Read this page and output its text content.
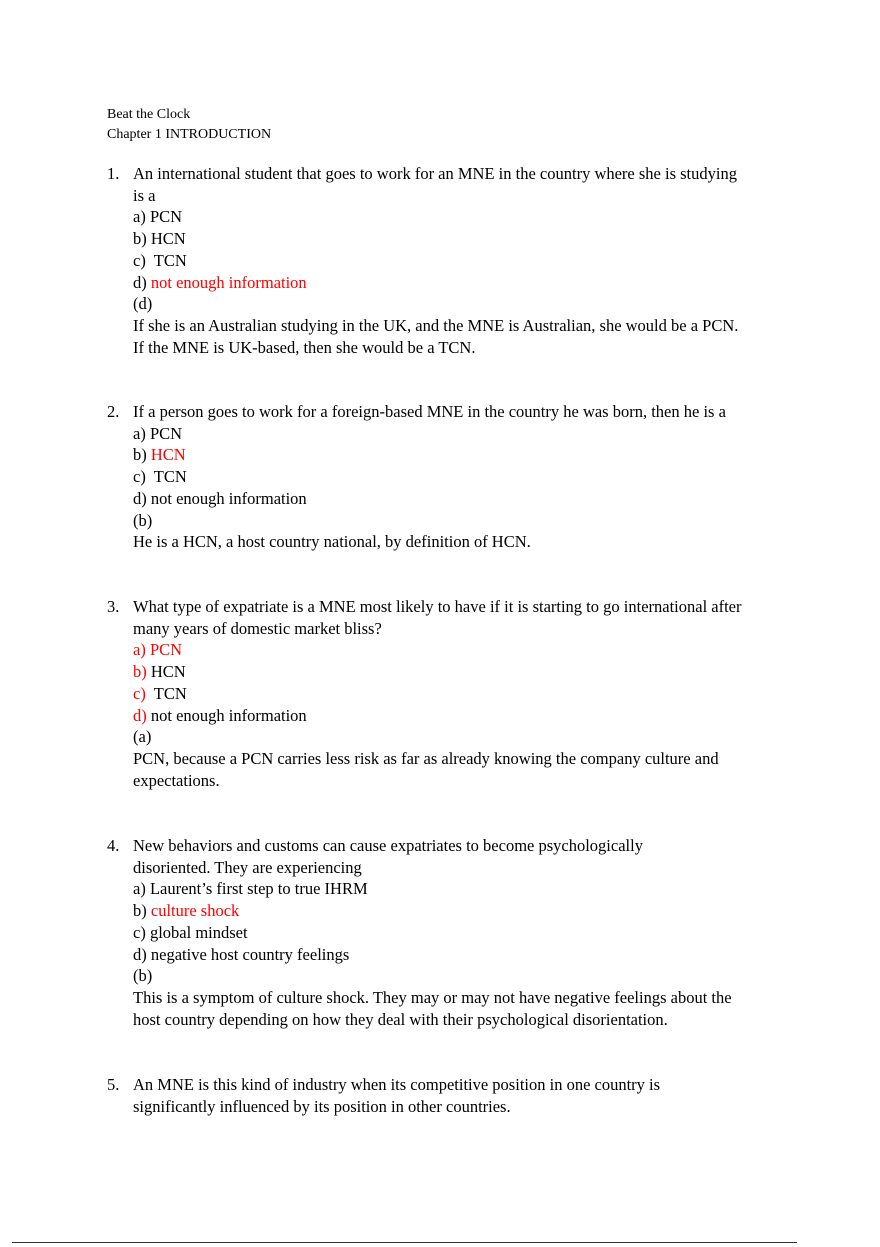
Beat the Clock
Chapter 1 INTRODUCTION
1. An international student that goes to work for an MNE in the country where she is studying
is a
a) PCN
b) HCN
c)  TCN
d) not enough information
(d)
If she is an Australian studying in the UK, and the MNE is Australian, she would be a PCN.
If the MNE is UK-based, then she would be a TCN.
2. If a person goes to work for a foreign-based MNE in the country he was born, then he is a
a) PCN
b) HCN
c)  TCN
d) not enough information
(b)
He is a HCN, a host country national, by definition of HCN.
3. What type of expatriate is a MNE most likely to have if it is starting to go international after
many years of domestic market bliss?
a) PCN
b) HCN
c)  TCN
d) not enough information
(a)
PCN, because a PCN carries less risk as far as already knowing the company culture and
expectations.
4. New behaviors and customs can cause expatriates to become psychologically
disoriented. They are experiencing
a) Laurent’s first step to true IHRM
b) culture shock
c) global mindset
d) negative host country feelings
(b)
This is a symptom of culture shock. They may or may not have negative feelings about the
host country depending on how they deal with their psychological disorientation.
5. An MNE is this kind of industry when its competitive position in one country is
significantly influenced by its position in other countries.
